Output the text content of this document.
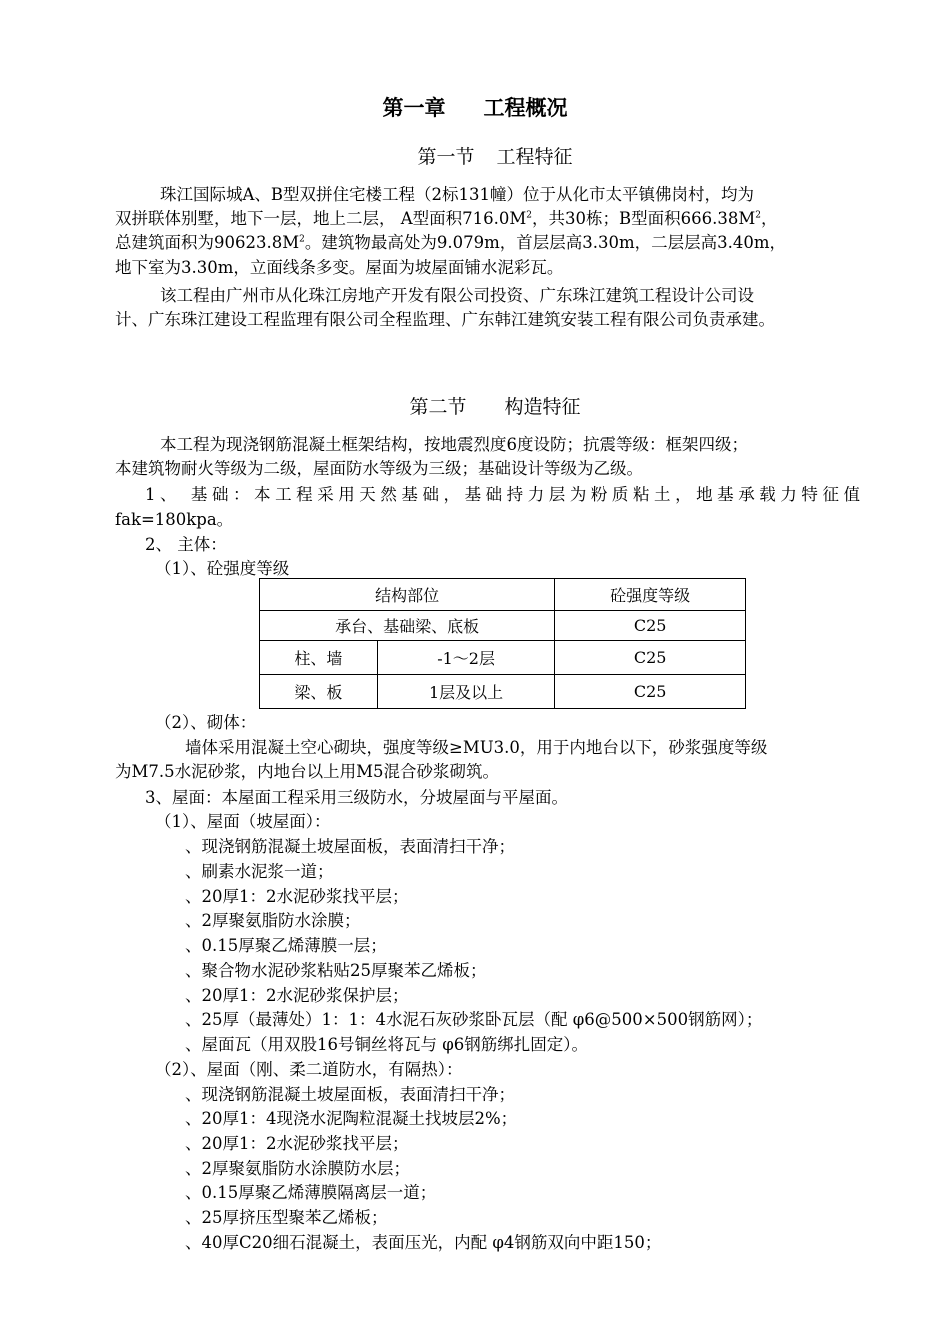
第一章 工程概况
第一节 工程特征
珠江国际城A、B型双拼住宅楼工程（2标131幢）位于从化市太平镇佛岗村，均为
双拼联体别墅，地下一层，地上二层， A型面积$716.0M^2$，共30栋；B型面积$666.38M^2$，
总建筑面积为$90623.8M^2$。建筑物最高处为9.079m，首层层高3.30m，二层层高3.40m，
地下室为3.30m，立面线条多变。屋面为坡屋面铺水泥彩瓦。
该工程由广州市从化珠江房地产开发有限公司投资、广东珠江建筑工程设计公司设
计、广东珠江建设工程监理有限公司全程监理、广东韩江建筑安装工程有限公司负责承建。
第二节 构造特征
本工程为现浇钢筋混凝土框架结构，按地震烈度6度设防；抗震等级：框架四级；
本建筑物耐火等级为二级，屋面防水等级为三级；基础设计等级为乙级。
1、 基础：本工程采用天然基础，基础持力层为粉质粘土，地基承载力特征值
fak=180kpa。
2、 主体：
（1）、砼强度等级
结构部位		砼强度等级
承台、基础梁、底板		C25
柱、墙	-1～2层	C25
梁、板	1层及以上	C25
（2）、砌体：
墙体采用混凝土空心砌块，强度等级≥MU3.0，用于内地台以下，砂浆强度等级
为M7.5水泥砂浆，内地台以上用M5混合砂浆砌筑。
3、屋面：本屋面工程采用三级防水，分坡屋面与平屋面。
（1）、屋面（坡屋面）：
、现浇钢筋混凝土坡屋面板，表面清扫干净；
、刷素水泥浆一道；
、20厚1：2水泥砂浆找平层；
、2厚聚氨脂防水涂膜；
、0.15厚聚乙烯薄膜一层；
、聚合物水泥砂浆粘贴25厚聚苯乙烯板；
、20厚1：2水泥砂浆保护层；
、25厚（最薄处）1：1：4水泥石灰砂浆卧瓦层（配 φ6@500×500钢筋网）；
、屋面瓦（用双股16号铜丝将瓦与 φ6钢筋绑扎固定）。
（2）、屋面（刚、柔二道防水，有隔热）：
、现浇钢筋混凝土坡屋面板，表面清扫干净；
、20厚1：4现浇水泥陶粒混凝土找坡层2%；
、20厚1：2水泥砂浆找平层；
、2厚聚氨脂防水涂膜防水层；
、0.15厚聚乙烯薄膜隔离层一道；
、25厚挤压型聚苯乙烯板；
、40厚C20细石混凝土，表面压光，内配 φ4钢筋双向中距150；
